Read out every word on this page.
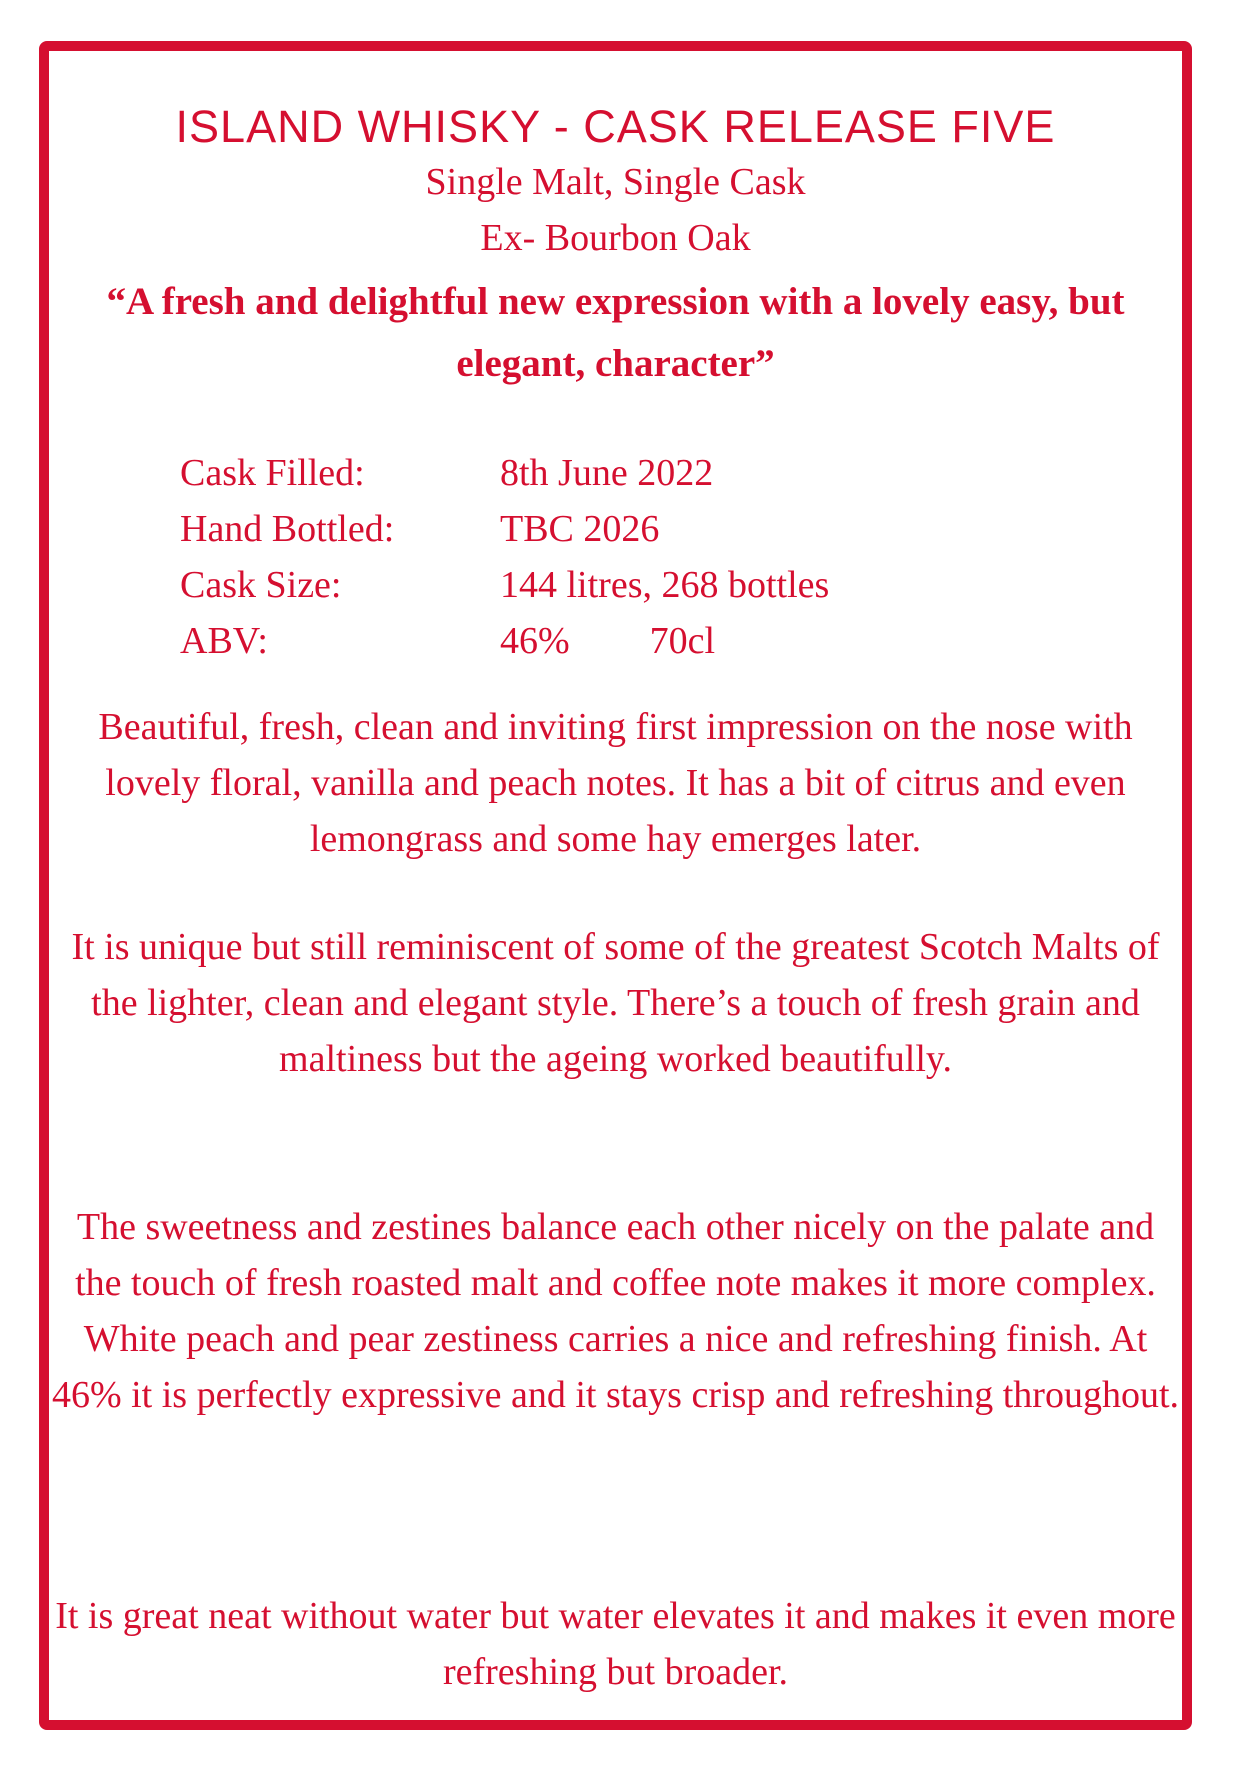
ISLAND WHISKY - CASK RELEASE FIVE

Single Malt, Single Cask

Ex- Bourbon Oak

“A fresh and delightful new expression with a lovely easy, but elegant, character”

Cask Filled:	8th June 2022
Hand Bottled:	TBC 2026
Cask Size:	144 litres, 268 bottles
ABV:	46% 70cl

Beautiful, fresh, clean and inviting first impression on the nose with lovely floral, vanilla and peach notes. It has a bit of citrus and even lemongrass and some hay emerges later.

It is unique but still reminiscent of some of the greatest Scotch Malts of the lighter, clean and elegant style. There’s a touch of fresh grain and maltiness but the ageing worked beautifully.

The sweetness and zestines balance each other nicely on the palate and the touch of fresh roasted malt and coffee note makes it more complex. White peach and pear zestiness carries a nice and refreshing finish. At 46% it is perfectly expressive and it stays crisp and refreshing throughout.

It is great neat without water but water elevates it and makes it even more refreshing but broader.
